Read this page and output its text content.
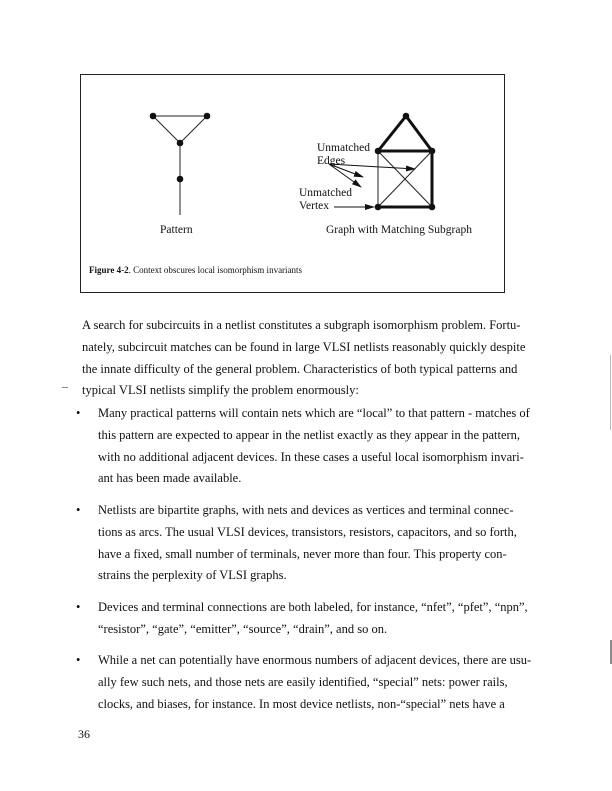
Unmatched
Edges
Unmatched
Vertex
Pattern	Graph with Matching Subgraph
Figure 4-2. Context obscures local isomorphism invariants
A search for subcircuits in a netlist constitutes a subgraph isomorphism problem. Fortu-
nately, subcircuit matches can be found in large VLSI netlists reasonably quickly despite
the innate difficulty of the general problem. Characteristics of both typical patterns and
typical VLSI netlists simplify the problem enormously:
–
•	Many practical patterns will contain nets which are “local” to that pattern - matches of
this pattern are expected to appear in the netlist exactly as they appear in the pattern,
with no additional adjacent devices. In these cases a useful local isomorphism invari-
ant has been made available.
•	Netlists are bipartite graphs, with nets and devices as vertices and terminal connec-
tions as arcs. The usual VLSI devices, transistors, resistors, capacitors, and so forth,
have a fixed, small number of terminals, never more than four. This property con-
strains the perplexity of VLSI graphs.
•	Devices and terminal connections are both labeled, for instance, “nfet”, “pfet”, “npn”,
“resistor”, “gate”, “emitter”, “source”, “drain”, and so on.
•	While a net can potentially have enormous numbers of adjacent devices, there are usu-
ally few such nets, and those nets are easily identified, “special” nets: power rails,
clocks, and biases, for instance. In most device netlists, non-“special” nets have a
36
